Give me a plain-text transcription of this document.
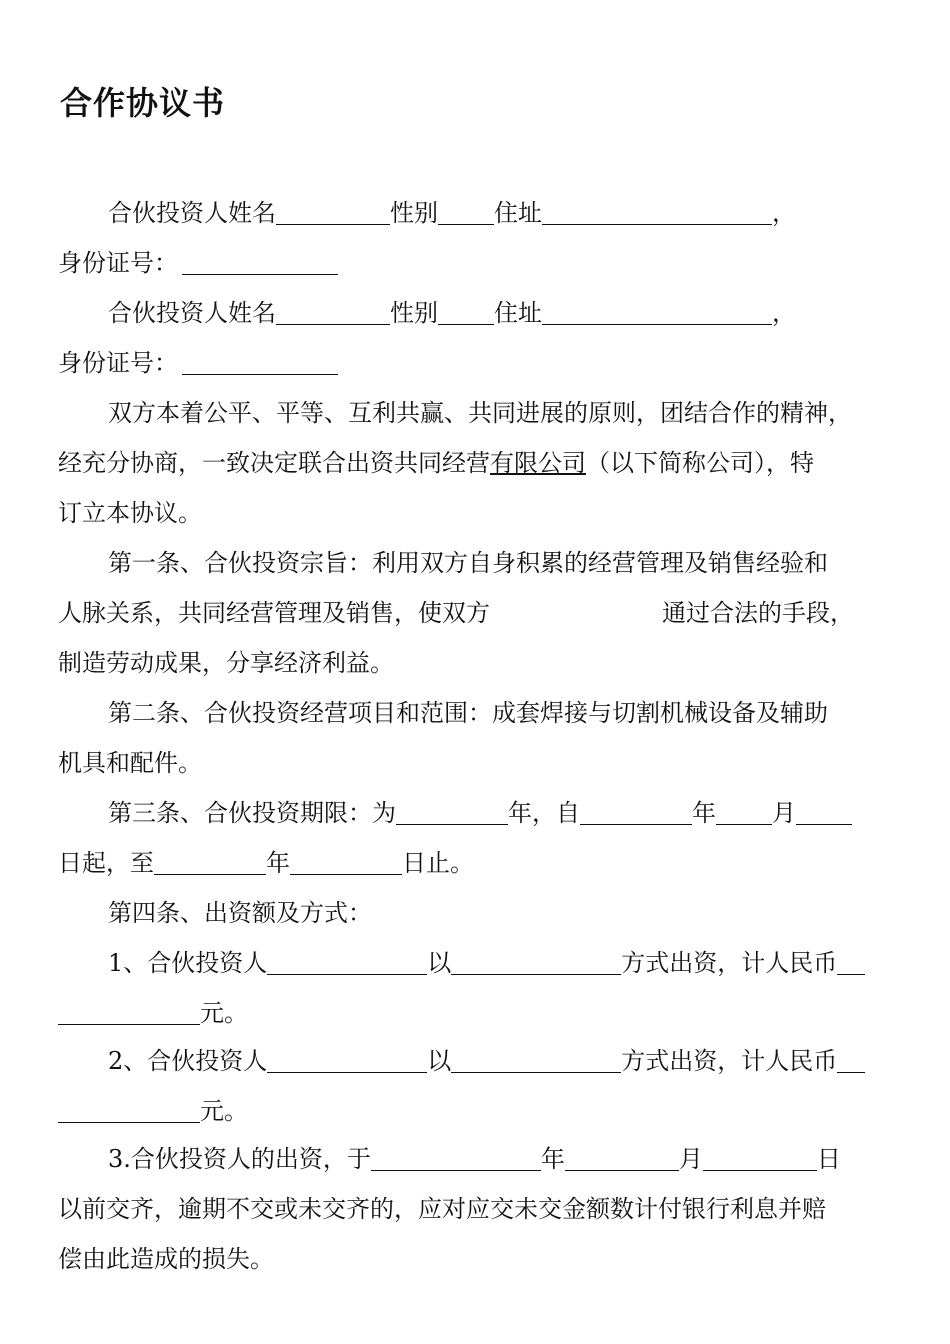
合作协议书
合伙投资人姓名	性别 住址	，
身份证号：
合伙投资人姓名	性别 住址	，
身份证号：
双方本着公平、平等、互利共赢、共同进展的原则，团结合作的精神，
经充分协商，一致决定联合出资共同经营有限公司（以下简称公司），特
订立本协议。
第一条、合伙投资宗旨：利用双方自身积累的经营管理及销售经验和
人脉关系，共同经营管理及销售，使双方	通过合法的手段，
制造劳动成果，分享经济利益。
第二条、合伙投资经营项目和范围：成套焊接与切割机械设备及辅助
机具和配件。
第三条、合伙投资期限：为	年，自	年 月
日起，至	年	日止。
第四条、出资额及方式：
1、合伙投资人	以	方式出资，计人民币
元。
2、合伙投资人	以	方式出资，计人民币
元。
3.合伙投资人的出资，于	年	月	日
以前交齐，逾期不交或未交齐的，应对应交未交金额数计付银行利息并赔
偿由此造成的损失。
